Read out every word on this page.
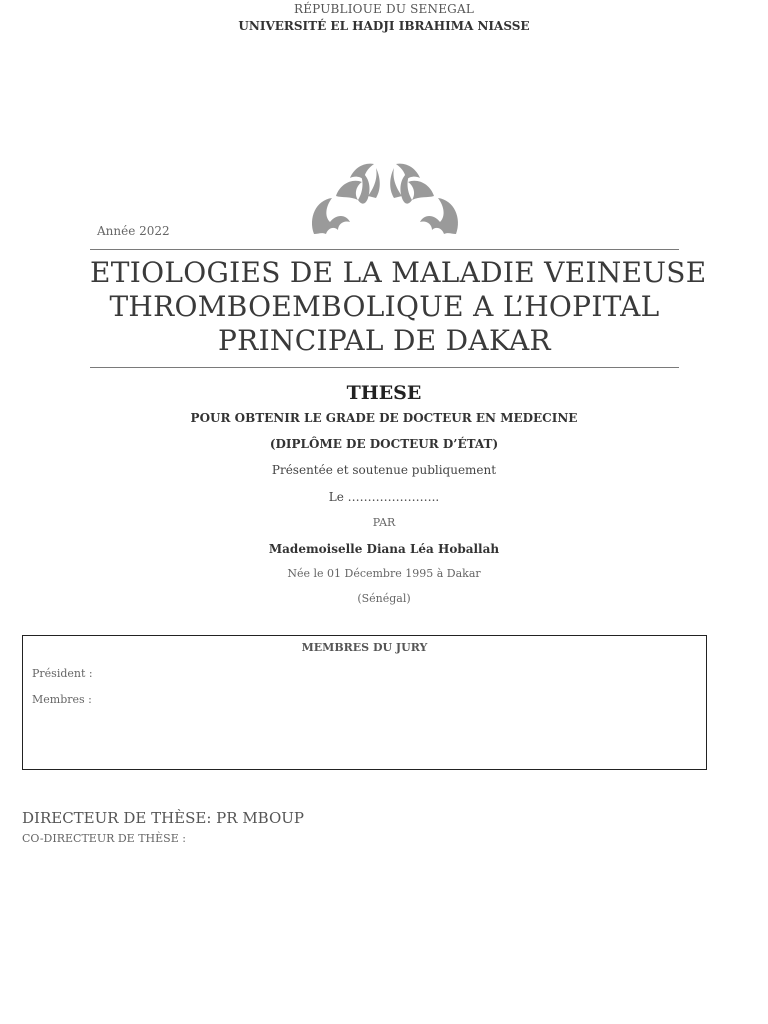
RÉPUBLIOUE DU SENEGAL
UNIVERSITÉ EL HADJI IBRAHIMA NIASSE
Année 2022
ETIOLOGIES DE LA MALADIE VEINEUSE
THROMBOEMBOLIQUE A L’HOPITAL
PRINCIPAL DE DAKAR
THESE
POUR OBTENIR LE GRADE DE DOCTEUR EN MEDECINE
(DIPLÔME DE DOCTEUR D’ÉTAT)
Présentée et soutenue publiquement
Le …………………..
PAR
Mademoiselle Diana Léa Hoballah
Née le 01 Décembre 1995 à Dakar
(Sénégal)
MEMBRES DU JURY
Président :
Membres :
DIRECTEUR DE THÈSE: PR MBOUP
CO-DIRECTEUR DE THÈSE :
